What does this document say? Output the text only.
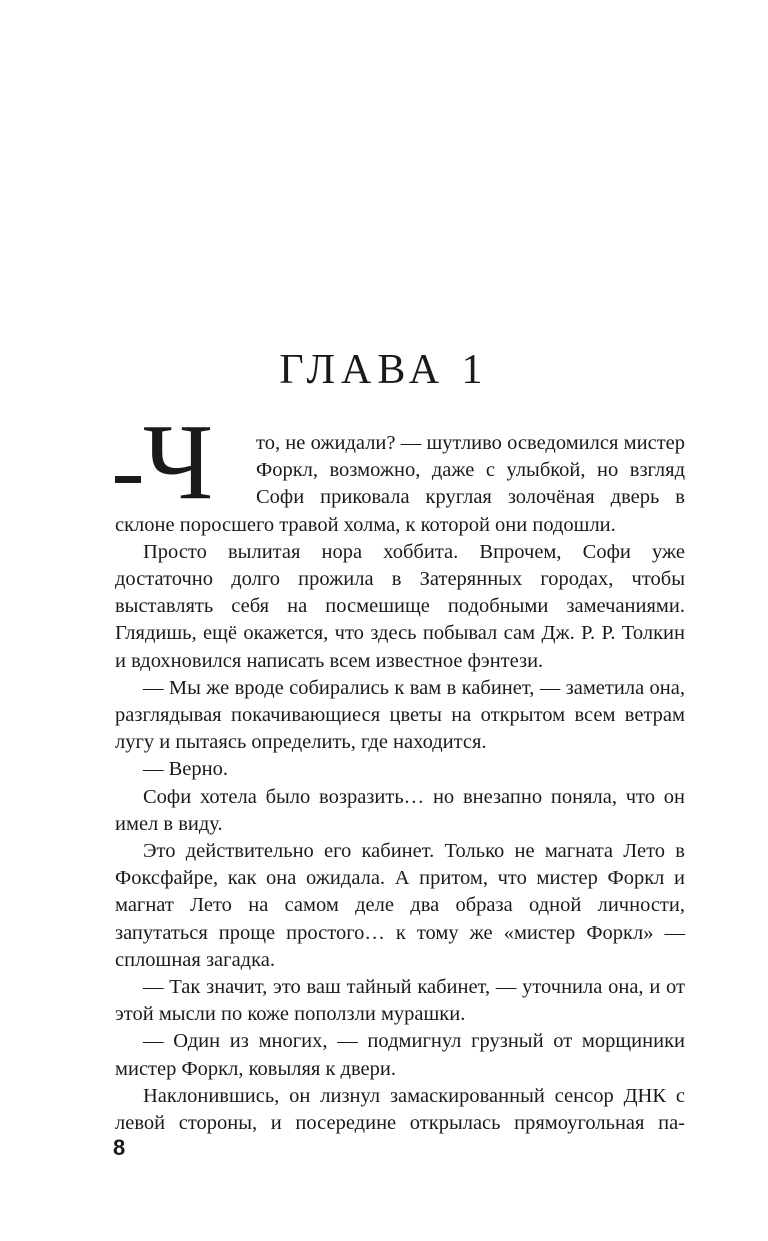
ГЛАВА 1

Ч то, не ожидали? — шутливо осведомился мистер Форкл, возможно, даже с улыбкой, но взгляд Софи приковала круглая золочёная дверь в склоне поросшего травой холма, к которой они подошли.

Просто вылитая нора хоббита. Впрочем, Софи уже достаточно долго прожила в Затерянных городах, чтобы выставлять себя на посмешище подобными замечаниями. Глядишь, ещё окажется, что здесь побывал сам Дж. Р. Р. Толкин и вдохновился написать всем известное фэнтези.

— Мы же вроде собирались к вам в кабинет, — заметила она, разглядывая покачивающиеся цветы на открытом всем ветрам лугу и пытаясь определить, где находится.

— Верно.

Софи хотела было возразить… но внезапно поняла, что он имел в виду.

Это действительно его кабинет. Только не магната Лето в Фоксфайре, как она ожидала. А притом, что мистер Форкл и магнат Лето на самом деле два образа одной личности, запутаться проще простого… к тому же «мистер Форкл» — сплошная загадка.

— Так значит, это ваш тайный кабинет, — уточнила она, и от этой мысли по коже поползли мурашки.

— Один из многих, — подмигнул грузный от морщиники мистер Форкл, ковыляя к двери.

Наклонившись, он лизнул замаскированный сенсор ДНК с левой стороны, и посередине открылась прямоугольная па-

8
